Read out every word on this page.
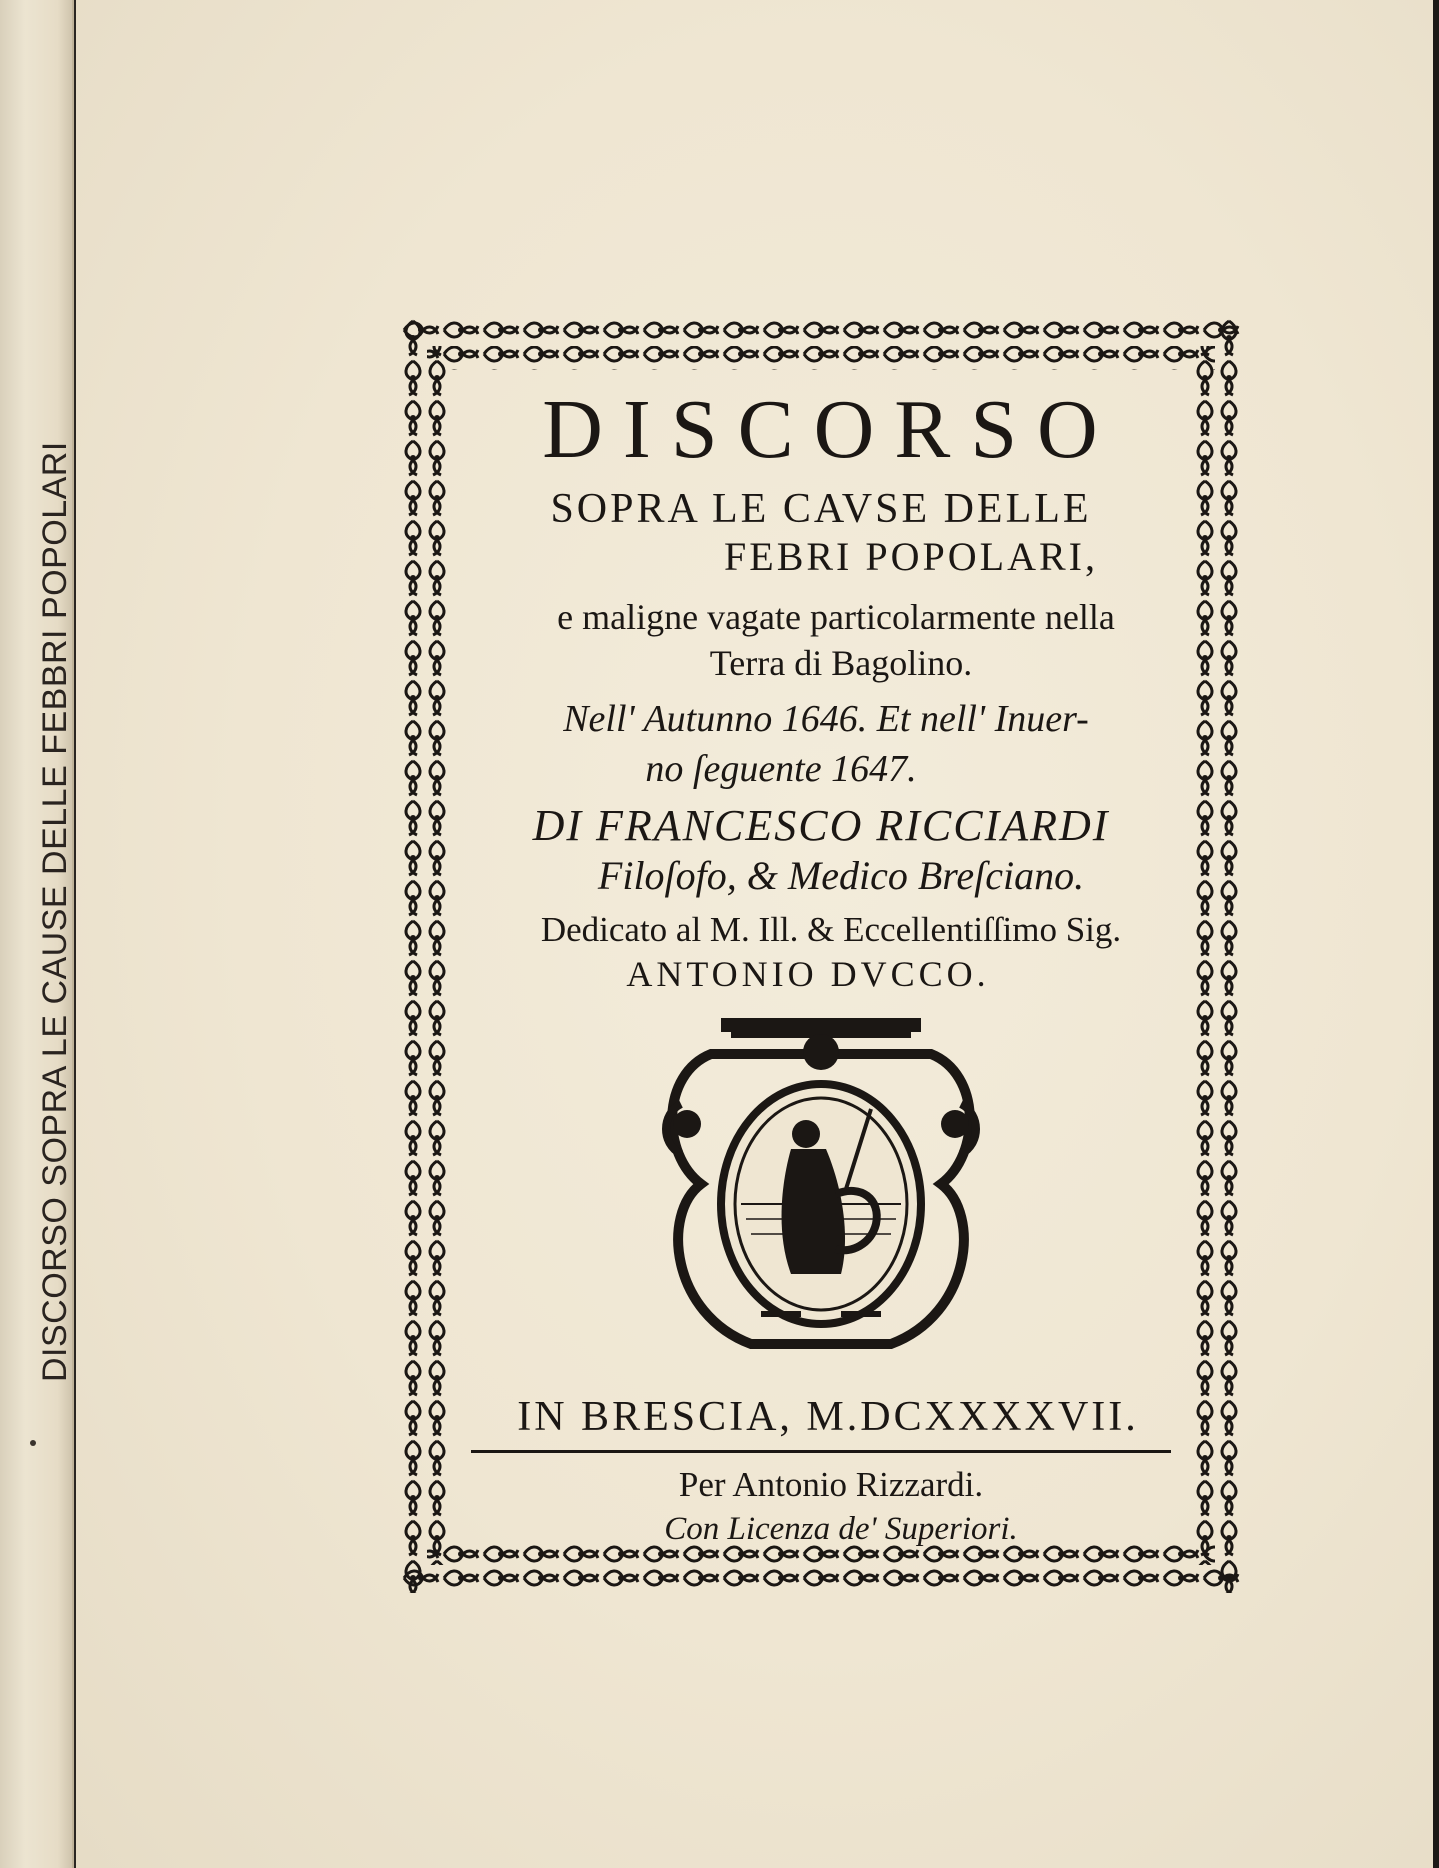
DISCORSO SOPRA LE CAUSE DELLE FEBBRI POPOLARI
DISCORSO
SOPRA LE CAVSE DELLE
FEBRI POPOLARI,
e maligne vagate particolarmente nella
Terra di Bagolino.
Nell' Autunno 1646. Et nell' Inuer-
no ſeguente 1647.
DI FRANCESCO RICCIARDI
Filoſofo, & Medico Breſciano.
Dedicato al M. Ill. & Eccellentiſſimo Sig.
ANTONIO DVCCO.
IN BRESCIA, M.DCXXXXVII.
Per Antonio Rizzardi.
Con Licenza de' Superiori.
